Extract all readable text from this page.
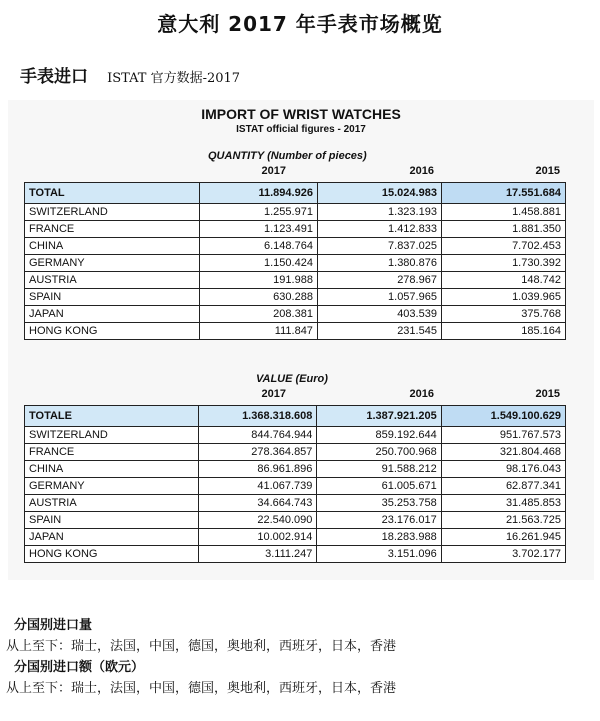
意大利 2017 年手表市场概览
手表进口 ISTAT 官方数据-2017
IMPORT OF WRIST WATCHES
ISTAT official figures - 2017
QUANTITY (Number of pieces)
2017	2016	2015
TOTAL	11.894.926	15.024.983	17.551.684
SWITZERLAND	1.255.971	1.323.193	1.458.881
FRANCE	1.123.491	1.412.833	1.881.350
CHINA	6.148.764	7.837.025	7.702.453
GERMANY	1.150.424	1.380.876	1.730.392
AUSTRIA	191.988	278.967	148.742
SPAIN	630.288	1.057.965	1.039.965
JAPAN	208.381	403.539	375.768
HONG KONG	111.847	231.545	185.164
VALUE (Euro)
2017	2016	2015
TOTALE	1.368.318.608	1.387.921.205	1.549.100.629
SWITZERLAND	844.764.944	859.192.644	951.767.573
FRANCE	278.364.857	250.700.968	321.804.468
CHINA	86.961.896	91.588.212	98.176.043
GERMANY	41.067.739	61.005.671	62.877.341
AUSTRIA	34.664.743	35.253.758	31.485.853
SPAIN	22.540.090	23.176.017	21.563.725
JAPAN	10.002.914	18.283.988	16.261.945
HONG KONG	3.111.247	3.151.096	3.702.177
分国别进口量
从上至下：瑞士，法国，中国，德国，奥地利，西班牙，日本，香港
分国别进口额（欧元）
从上至下：瑞士，法国，中国，德国，奥地利，西班牙，日本，香港
